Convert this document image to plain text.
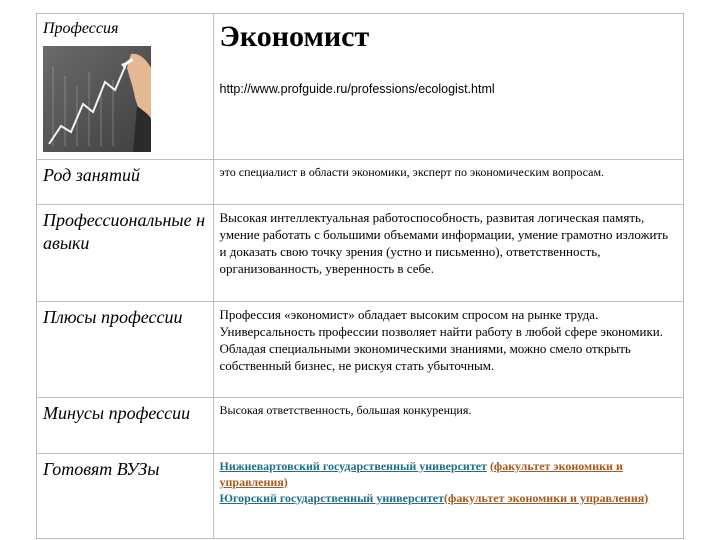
Профессия	Экономист
http://www.profguide.ru/professions/ecologist.html

Род занятий	это специалист в области экономики, эксперт по экономическим вопросам.

Профессиональные навыки	Высокая интеллектуальная работоспособность, развитая логическая память, умение работать с большими объемами информации, умение грамотно изложить и доказать свою точку зрения (устно и письменно), ответственность, организованность, уверенность в себе.

Плюсы профессии	Профессия «экономист» обладает высоким спросом на рынке труда. Универсальность профессии позволяет найти работу в любой сфере экономики. Обладая специальными экономическими знаниями, можно смело открыть собственный бизнес, не рискуя стать убыточным.

Минусы профессии	Высокая ответственность, большая конкуренция.

Готовят ВУЗы	Нижневартовский государственный университет (факультет экономики и управления)
Югорский государственный университет(факультет экономики и управления)
